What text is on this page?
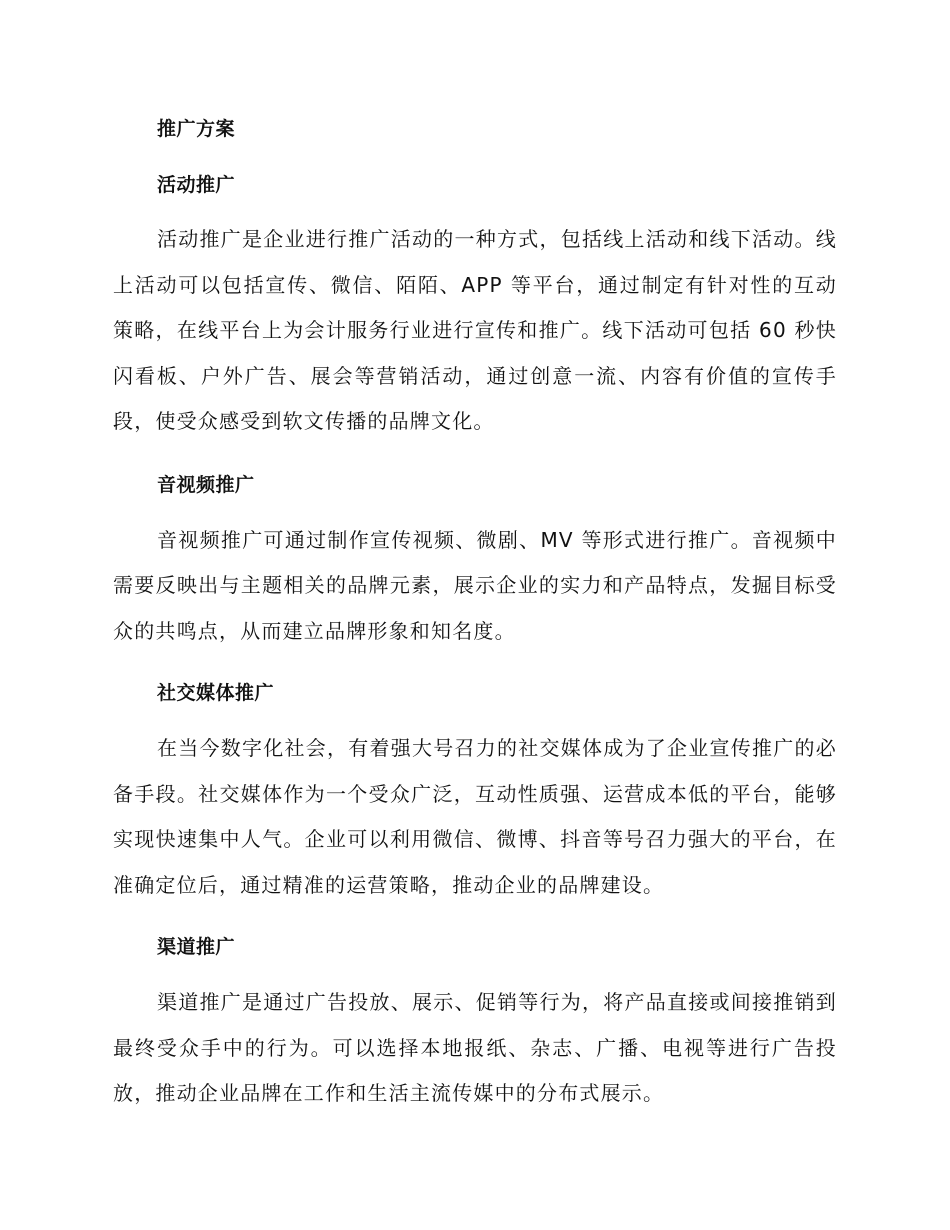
推广方案
活动推广

活动推广是企业进行推广活动的一种方式，包括线上活动和线下活动。线上活动可以包括宣传、微信、陌陌、APP 等平台，通过制定有针对性的互动策略，在线平台上为会计服务行业进行宣传和推广。线下活动可包括 60 秒快闪看板、户外广告、展会等营销活动，通过创意一流、内容有价值的宣传手段，使受众感受到软文传播的品牌文化。

音视频推广

音视频推广可通过制作宣传视频、微剧、MV 等形式进行推广。音视频中需要反映出与主题相关的品牌元素，展示企业的实力和产品特点，发掘目标受众的共鸣点，从而建立品牌形象和知名度。

社交媒体推广

在当今数字化社会，有着强大号召力的社交媒体成为了企业宣传推广的必备手段。社交媒体作为一个受众广泛，互动性质强、运营成本低的平台，能够实现快速集中人气。企业可以利用微信、微博、抖音等号召力强大的平台，在准确定位后，通过精准的运营策略，推动企业的品牌建设。

渠道推广

渠道推广是通过广告投放、展示、促销等行为，将产品直接或间接推销到最终受众手中的行为。可以选择本地报纸、杂志、广播、电视等进行广告投放，推动企业品牌在工作和生活主流传媒中的分布式展示。
